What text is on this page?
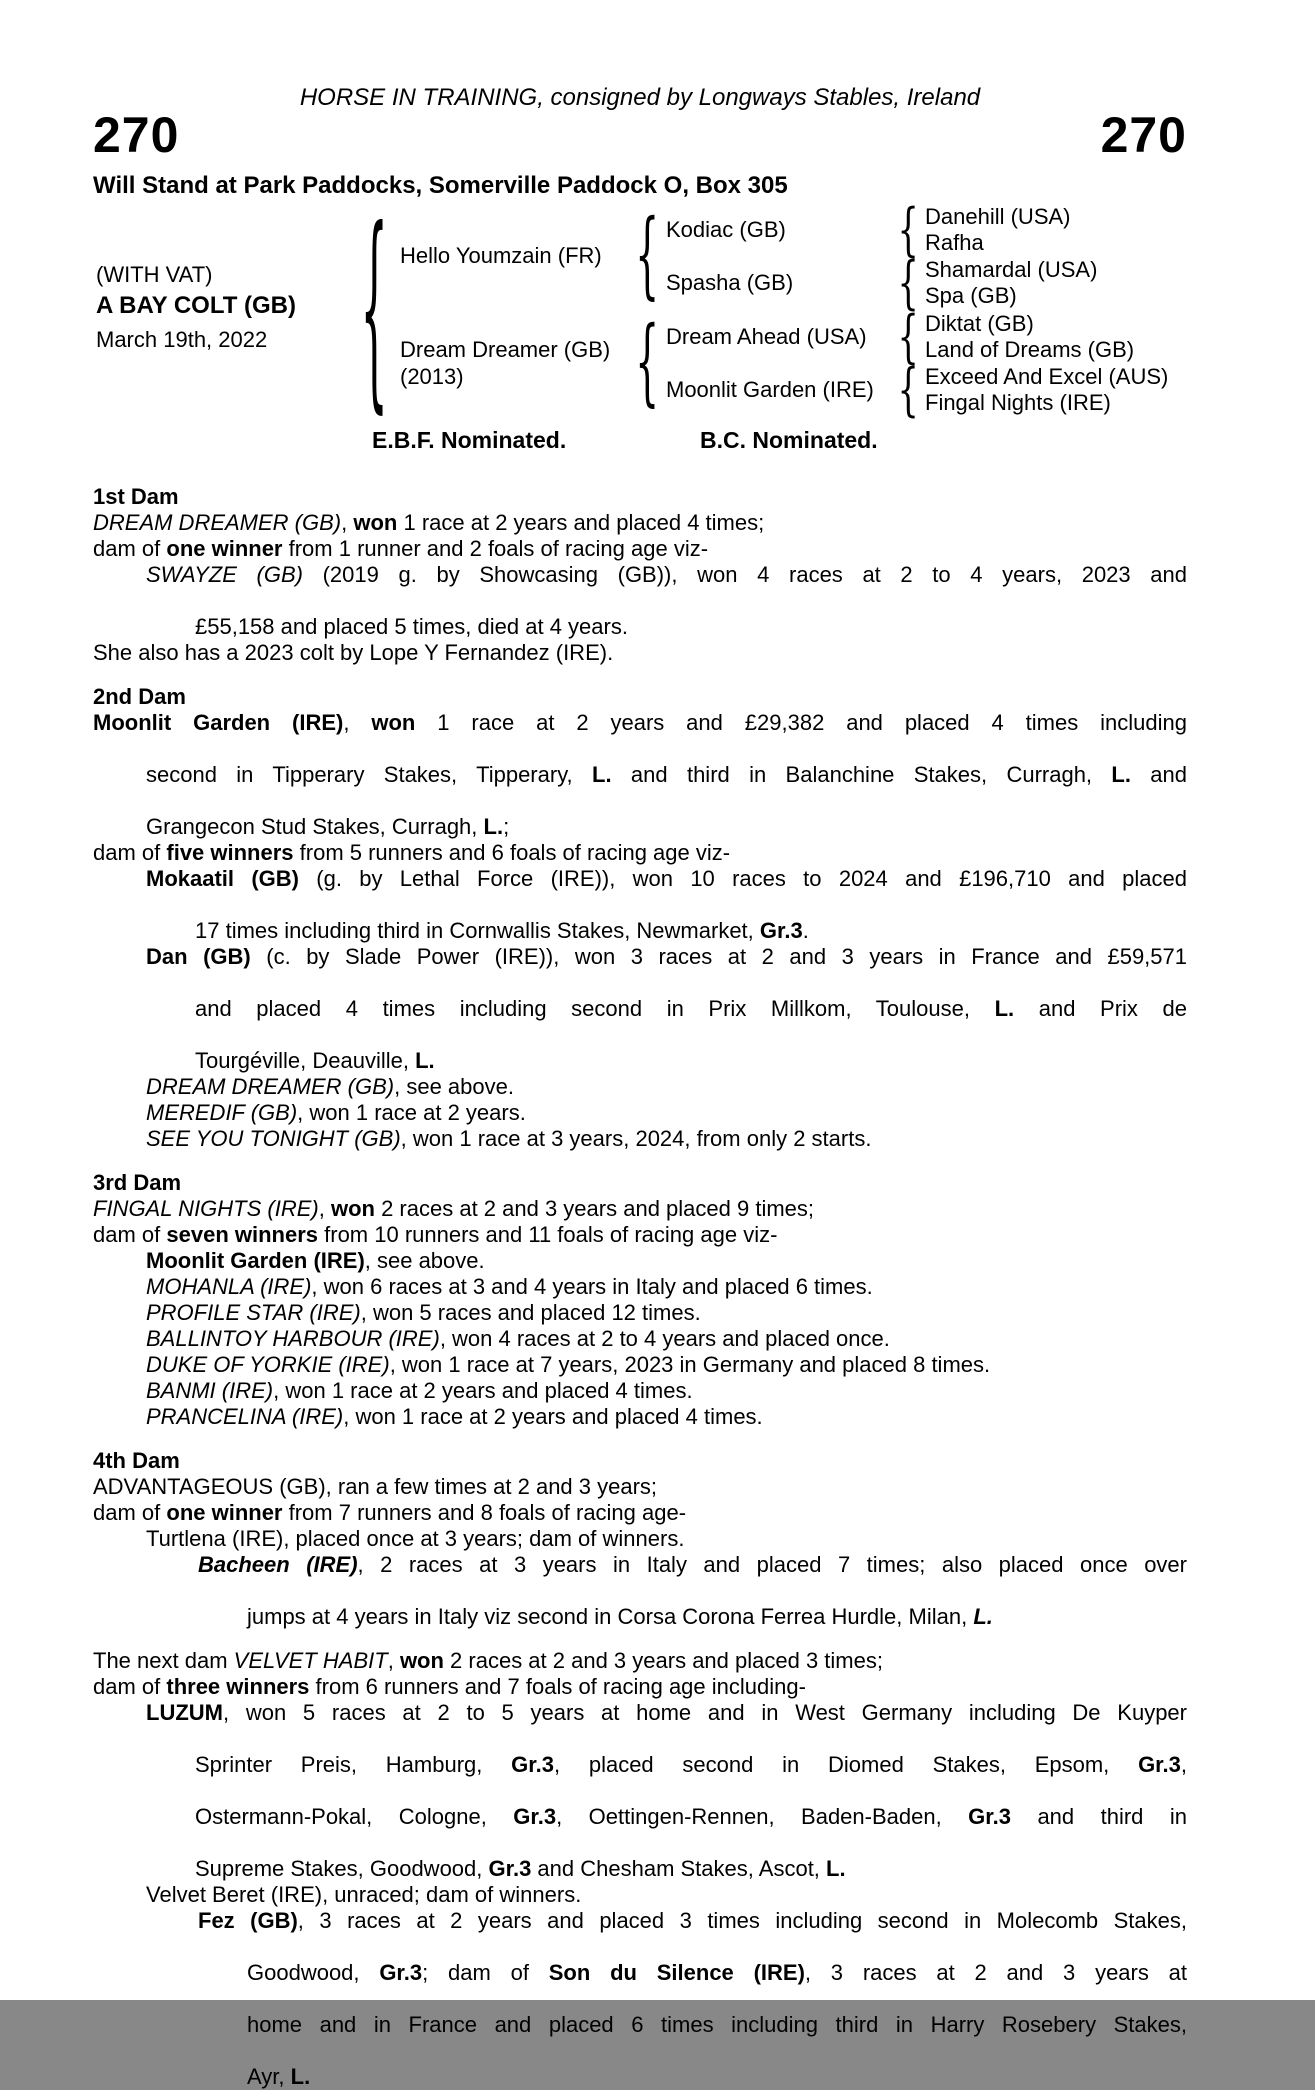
HORSE IN TRAINING, consigned by Longways Stables, Ireland
270	270
Will Stand at Park Paddocks, Somerville Paddock O, Box 305
(WITH VAT)
A BAY COLT (GB)
March 19th, 2022 { Hello Youmzain (FR)
Dream Dreamer (GB)
(2013)
{
{
Kodiac (GB)
Spasha (GB)
Dream Ahead (USA)
Moonlit Garden (IRE)
{
{
{
{
Danehill (USA)
Rafha
Shamardal (USA)
Spa (GB)
Diktat (GB)
Land of Dreams (GB)
Exceed And Excel (AUS)
Fingal Nights (IRE)
E.B.F. Nominated.	B.C. Nominated.
1st Dam
DREAM DREAMER (GB), won 1 race at 2 years and placed 4 times;
dam of one winner from 1 runner and 2 foals of racing age viz-
SWAYZE (GB) (2019 g. by Showcasing (GB)), won 4 races at 2 to 4 years, 2023 and
£55,158 and placed 5 times, died at 4 years.
She also has a 2023 colt by Lope Y Fernandez (IRE).
2nd Dam
Moonlit Garden (IRE), won 1 race at 2 years and £29,382 and placed 4 times including
second in Tipperary Stakes, Tipperary, L. and third in Balanchine Stakes, Curragh, L. and
Grangecon Stud Stakes, Curragh, L.;
dam of five winners from 5 runners and 6 foals of racing age viz-
Mokaatil (GB) (g. by Lethal Force (IRE)), won 10 races to 2024 and £196,710 and placed
17 times including third in Cornwallis Stakes, Newmarket, Gr.3.
Dan (GB) (c. by Slade Power (IRE)), won 3 races at 2 and 3 years in France and £59,571
and placed 4 times including second in Prix Millkom, Toulouse, L. and Prix de
Tourgéville, Deauville, L.
DREAM DREAMER (GB), see above.
MEREDIF (GB), won 1 race at 2 years.
SEE YOU TONIGHT (GB), won 1 race at 3 years, 2024, from only 2 starts.
3rd Dam
FINGAL NIGHTS (IRE), won 2 races at 2 and 3 years and placed 9 times;
dam of seven winners from 10 runners and 11 foals of racing age viz-
Moonlit Garden (IRE), see above.
MOHANLA (IRE), won 6 races at 3 and 4 years in Italy and placed 6 times.
PROFILE STAR (IRE), won 5 races and placed 12 times.
BALLINTOY HARBOUR (IRE), won 4 races at 2 to 4 years and placed once.
DUKE OF YORKIE (IRE), won 1 race at 7 years, 2023 in Germany and placed 8 times.
BANMI (IRE), won 1 race at 2 years and placed 4 times.
PRANCELINA (IRE), won 1 race at 2 years and placed 4 times.
4th Dam
ADVANTAGEOUS (GB), ran a few times at 2 and 3 years;
dam of one winner from 7 runners and 8 foals of racing age-
Turtlena (IRE), placed once at 3 years; dam of winners.
Bacheen (IRE), 2 races at 3 years in Italy and placed 7 times; also placed once over
jumps at 4 years in Italy viz second in Corsa Corona Ferrea Hurdle, Milan, L.
The next dam VELVET HABIT, won 2 races at 2 and 3 years and placed 3 times;
dam of three winners from 6 runners and 7 foals of racing age including-
LUZUM, won 5 races at 2 to 5 years at home and in West Germany including De Kuyper
Sprinter Preis, Hamburg, Gr.3, placed second in Diomed Stakes, Epsom, Gr.3,
Ostermann-Pokal, Cologne, Gr.3, Oettingen-Rennen, Baden-Baden, Gr.3 and third in
Supreme Stakes, Goodwood, Gr.3 and Chesham Stakes, Ascot, L.
Velvet Beret (IRE), unraced; dam of winners.
Fez (GB), 3 races at 2 years and placed 3 times including second in Molecomb Stakes,
Goodwood, Gr.3; dam of Son du Silence (IRE), 3 races at 2 and 3 years at
home and in France and placed 6 times including third in Harry Rosebery Stakes,
Ayr, L.
